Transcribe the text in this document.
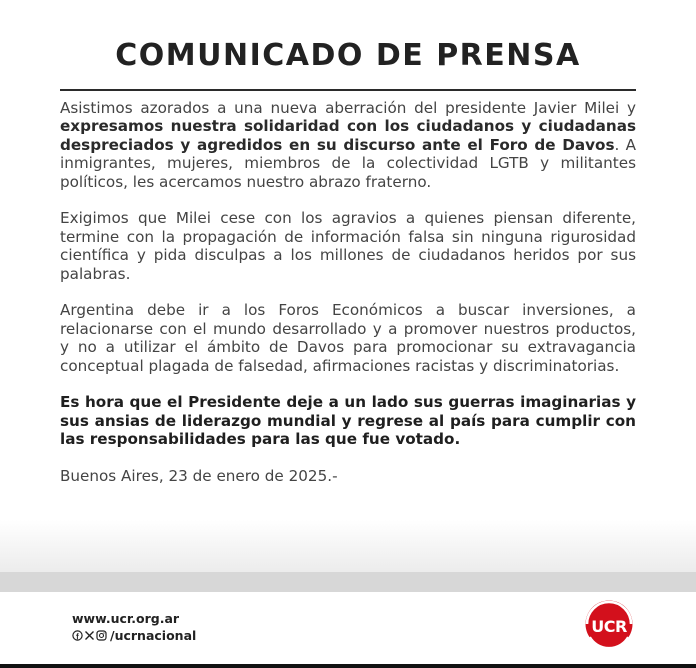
COMUNICADO DE PRENSA

Asistimos azorados a una nueva aberración del presidente Javier Milei y expresamos nuestra solidaridad con los ciudadanos y ciudadanas despreciados y agredidos en su discurso ante el Foro de Davos. A inmigrantes, mujeres, miembros de la colectividad LGTB y militantes políticos, les acercamos nuestro abrazo fraterno.

Exigimos que Milei cese con los agravios a quienes piensan diferente, termine con la propagación de información falsa sin ninguna rigurosidad científica y pida disculpas a los millones de ciudadanos heridos por sus palabras.

Argentina debe ir a los Foros Económicos a buscar inversiones, a relacionarse con el mundo desarrollado y a promover nuestros productos, y no a utilizar el ámbito de Davos para promocionar su extravagancia conceptual plagada de falsedad, afirmaciones racistas y discriminatorias.

Es hora que el Presidente deje a un lado sus guerras imaginarias y sus ansias de liderazgo mundial y regrese al país para cumplir con las responsabilidades para las que fue votado.

Buenos Aires, 23 de enero de 2025.-

www.ucr.org.ar
/ ucrnacional	UCR
